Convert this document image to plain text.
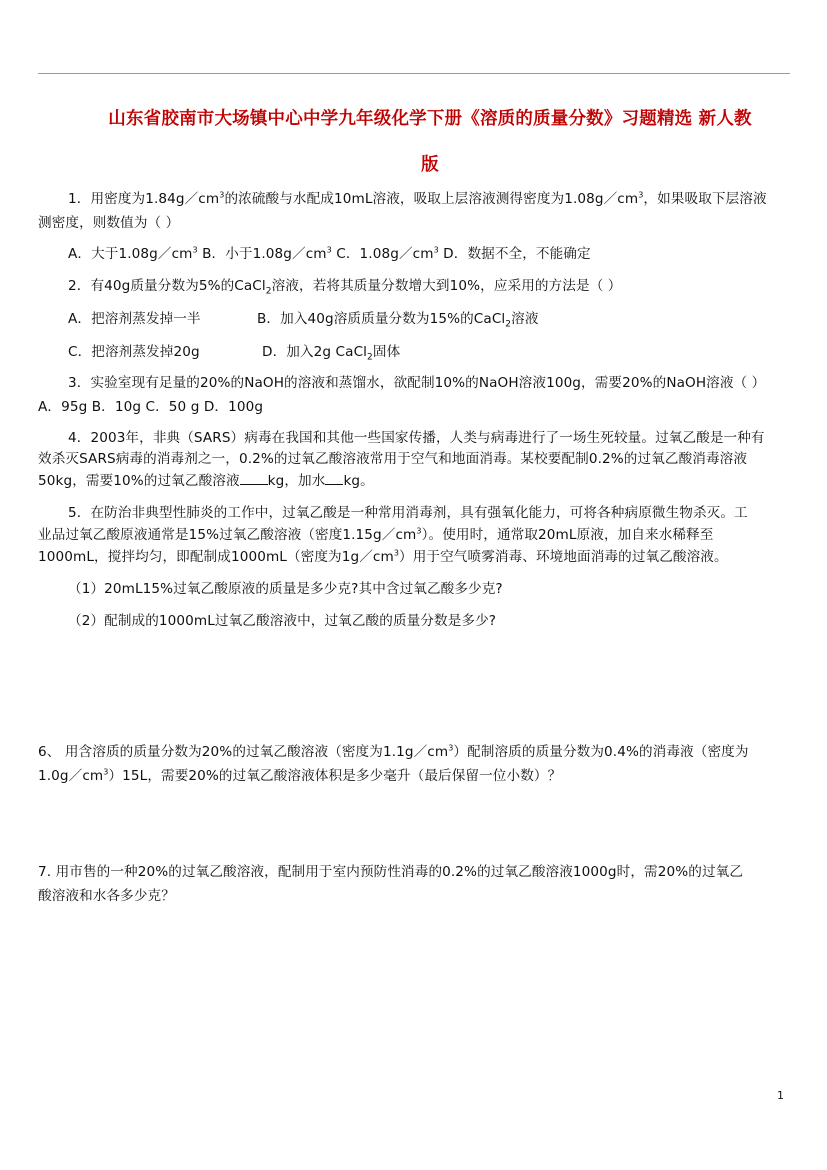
山东省胶南市大场镇中心中学九年级化学下册《溶质的质量分数》习题精选 新人教
版
1．用密度为$1.84g/cm^3$的浓硫酸与水配成10mL溶液，吸取上层溶液测得密度为$1.08g/cm^3$，如果吸取下层溶液
测密度，则数值为（ ）
A．大于$1.08g/cm^3$ B．小于$1.08g/cm^3$ C．$1.08g/cm^3$ D．数据不全，不能确定
2．有40g质量分数为5%的CaCl$_2$溶液，若将其质量分数增大到10%，应采用的方法是（ ）
A．把溶剂蒸发掉一半	B．加入40g溶质质量分数为15%的CaCl$_2$溶液
C．把溶剂蒸发掉20g	D．加入2g CaCl$_2$固体
3．实验室现有足量的20%的NaOH的溶液和蒸馏水，欲配制10%的NaOH溶液100g，需要20%的NaOH溶液（ ）
A．95g B．10g C．50 g D．100g
4．2003年，非典（SARS）病毒在我国和其他一些国家传播，人类与病毒进行了一场生死较量。过氧乙酸是一种有
效杀灭SARS病毒的消毒剂之一，0.2%的过氧乙酸溶液常用于空气和地面消毒。某校要配制0.2%的过氧乙酸消毒溶液
50kg，需要10%的过氧乙酸溶液 kg，加水 kg。
5．在防治非典型性肺炎的工作中，过氧乙酸是一种常用消毒剂，具有强氧化能力，可将各种病原微生物杀灭。工
业品过氧乙酸原液通常是15%过氧乙酸溶液（密度$1.15g/cm^3$）。使用时，通常取20mL原液，加自来水稀释至
1000mL，搅拌均匀，即配制成1000mL（密度为$1g/cm^3$）用于空气喷雾消毒、环境地面消毒的过氧乙酸溶液。
（1）20mL15%过氧乙酸原液的质量是多少克?其中含过氧乙酸多少克?
（2）配制成的1000mL过氧乙酸溶液中，过氧乙酸的质量分数是多少?
6、 用含溶质的质量分数为20%的过氧乙酸溶液（密度为$1.1g/cm^3$）配制溶质的质量分数为0.4%的消毒液（密度为
$1.0g/cm^3)15L$，需要20%的过氧乙酸溶液体积是多少毫升（最后保留一位小数）？
7. 用市售的一种20%的过氧乙酸溶液，配制用于室内预防性消毒的0.2%的过氧乙酸溶液1000g时，需20%的过氧乙
酸溶液和水各多少克？
1
